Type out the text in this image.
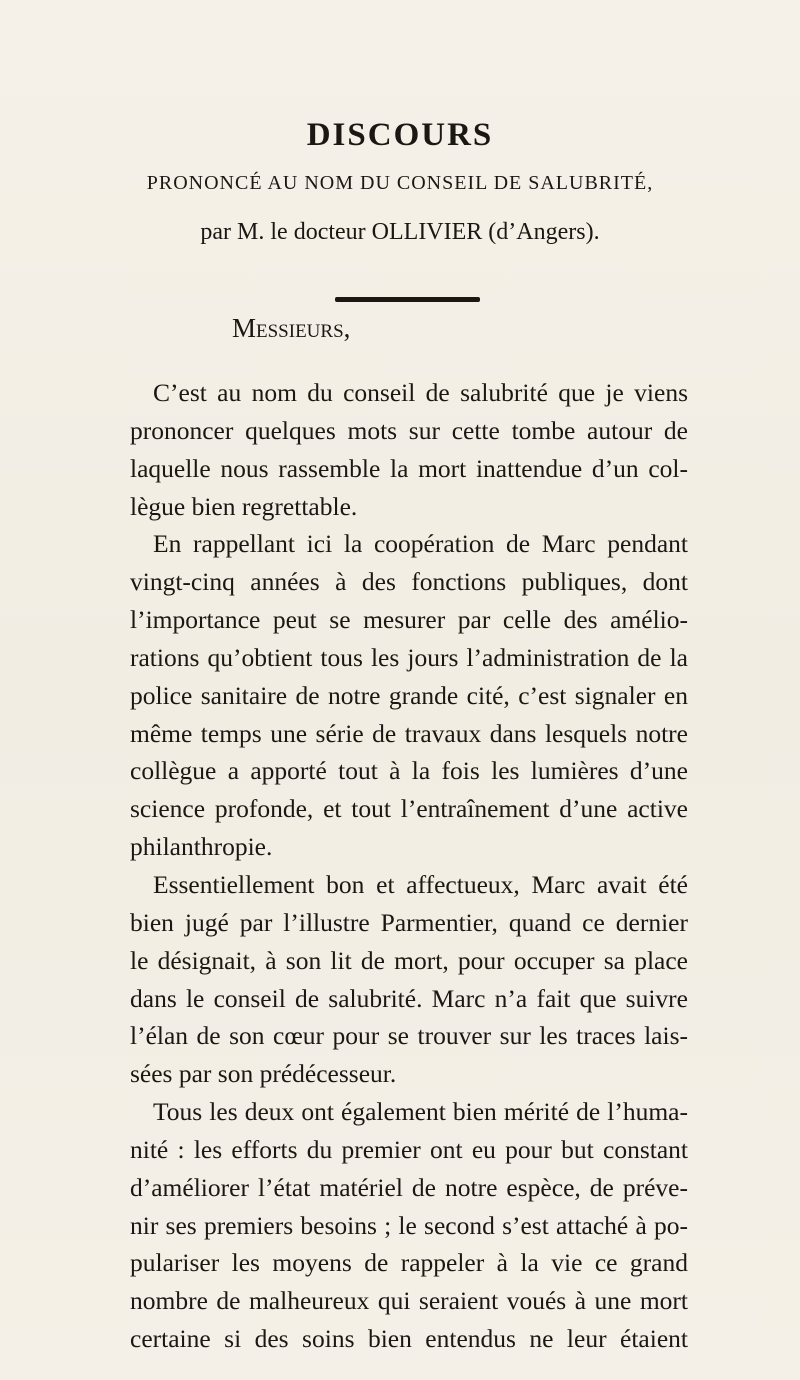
DISCOURS

PRONONCÉ AU NOM DU CONSEIL DE SALUBRITÉ,

par M. le docteur OLLIVIER (d’Angers).

Messieurs,

C’est au nom du conseil de salubrité que je viens
prononcer quelques mots sur cette tombe autour de
laquelle nous rassemble la mort inattendue d’un col-
lègue bien regrettable.
En rappellant ici la coopération de Marc pendant
vingt-cinq années à des fonctions publiques, dont
l’importance peut se mesurer par celle des amélio-
rations qu’obtient tous les jours l’administration de la
police sanitaire de notre grande cité, c’est signaler en
même temps une série de travaux dans lesquels notre
collègue a apporté tout à la fois les lumières d’une
science profonde, et tout l’entraînement d’une active
philanthropie.
Essentiellement bon et affectueux, Marc avait été
bien jugé par l’illustre Parmentier, quand ce dernier
le désignait, à son lit de mort, pour occuper sa place
dans le conseil de salubrité. Marc n’a fait que suivre
l’élan de son cœur pour se trouver sur les traces lais-
sées par son prédécesseur.
Tous les deux ont également bien mérité de l’huma-
nité : les efforts du premier ont eu pour but constant
d’améliorer l’état matériel de notre espèce, de préve-
nir ses premiers besoins ; le second s’est attaché à po-
pulariser les moyens de rappeler à la vie ce grand
nombre de malheureux qui seraient voués à une mort
certaine si des soins bien entendus ne leur étaient
